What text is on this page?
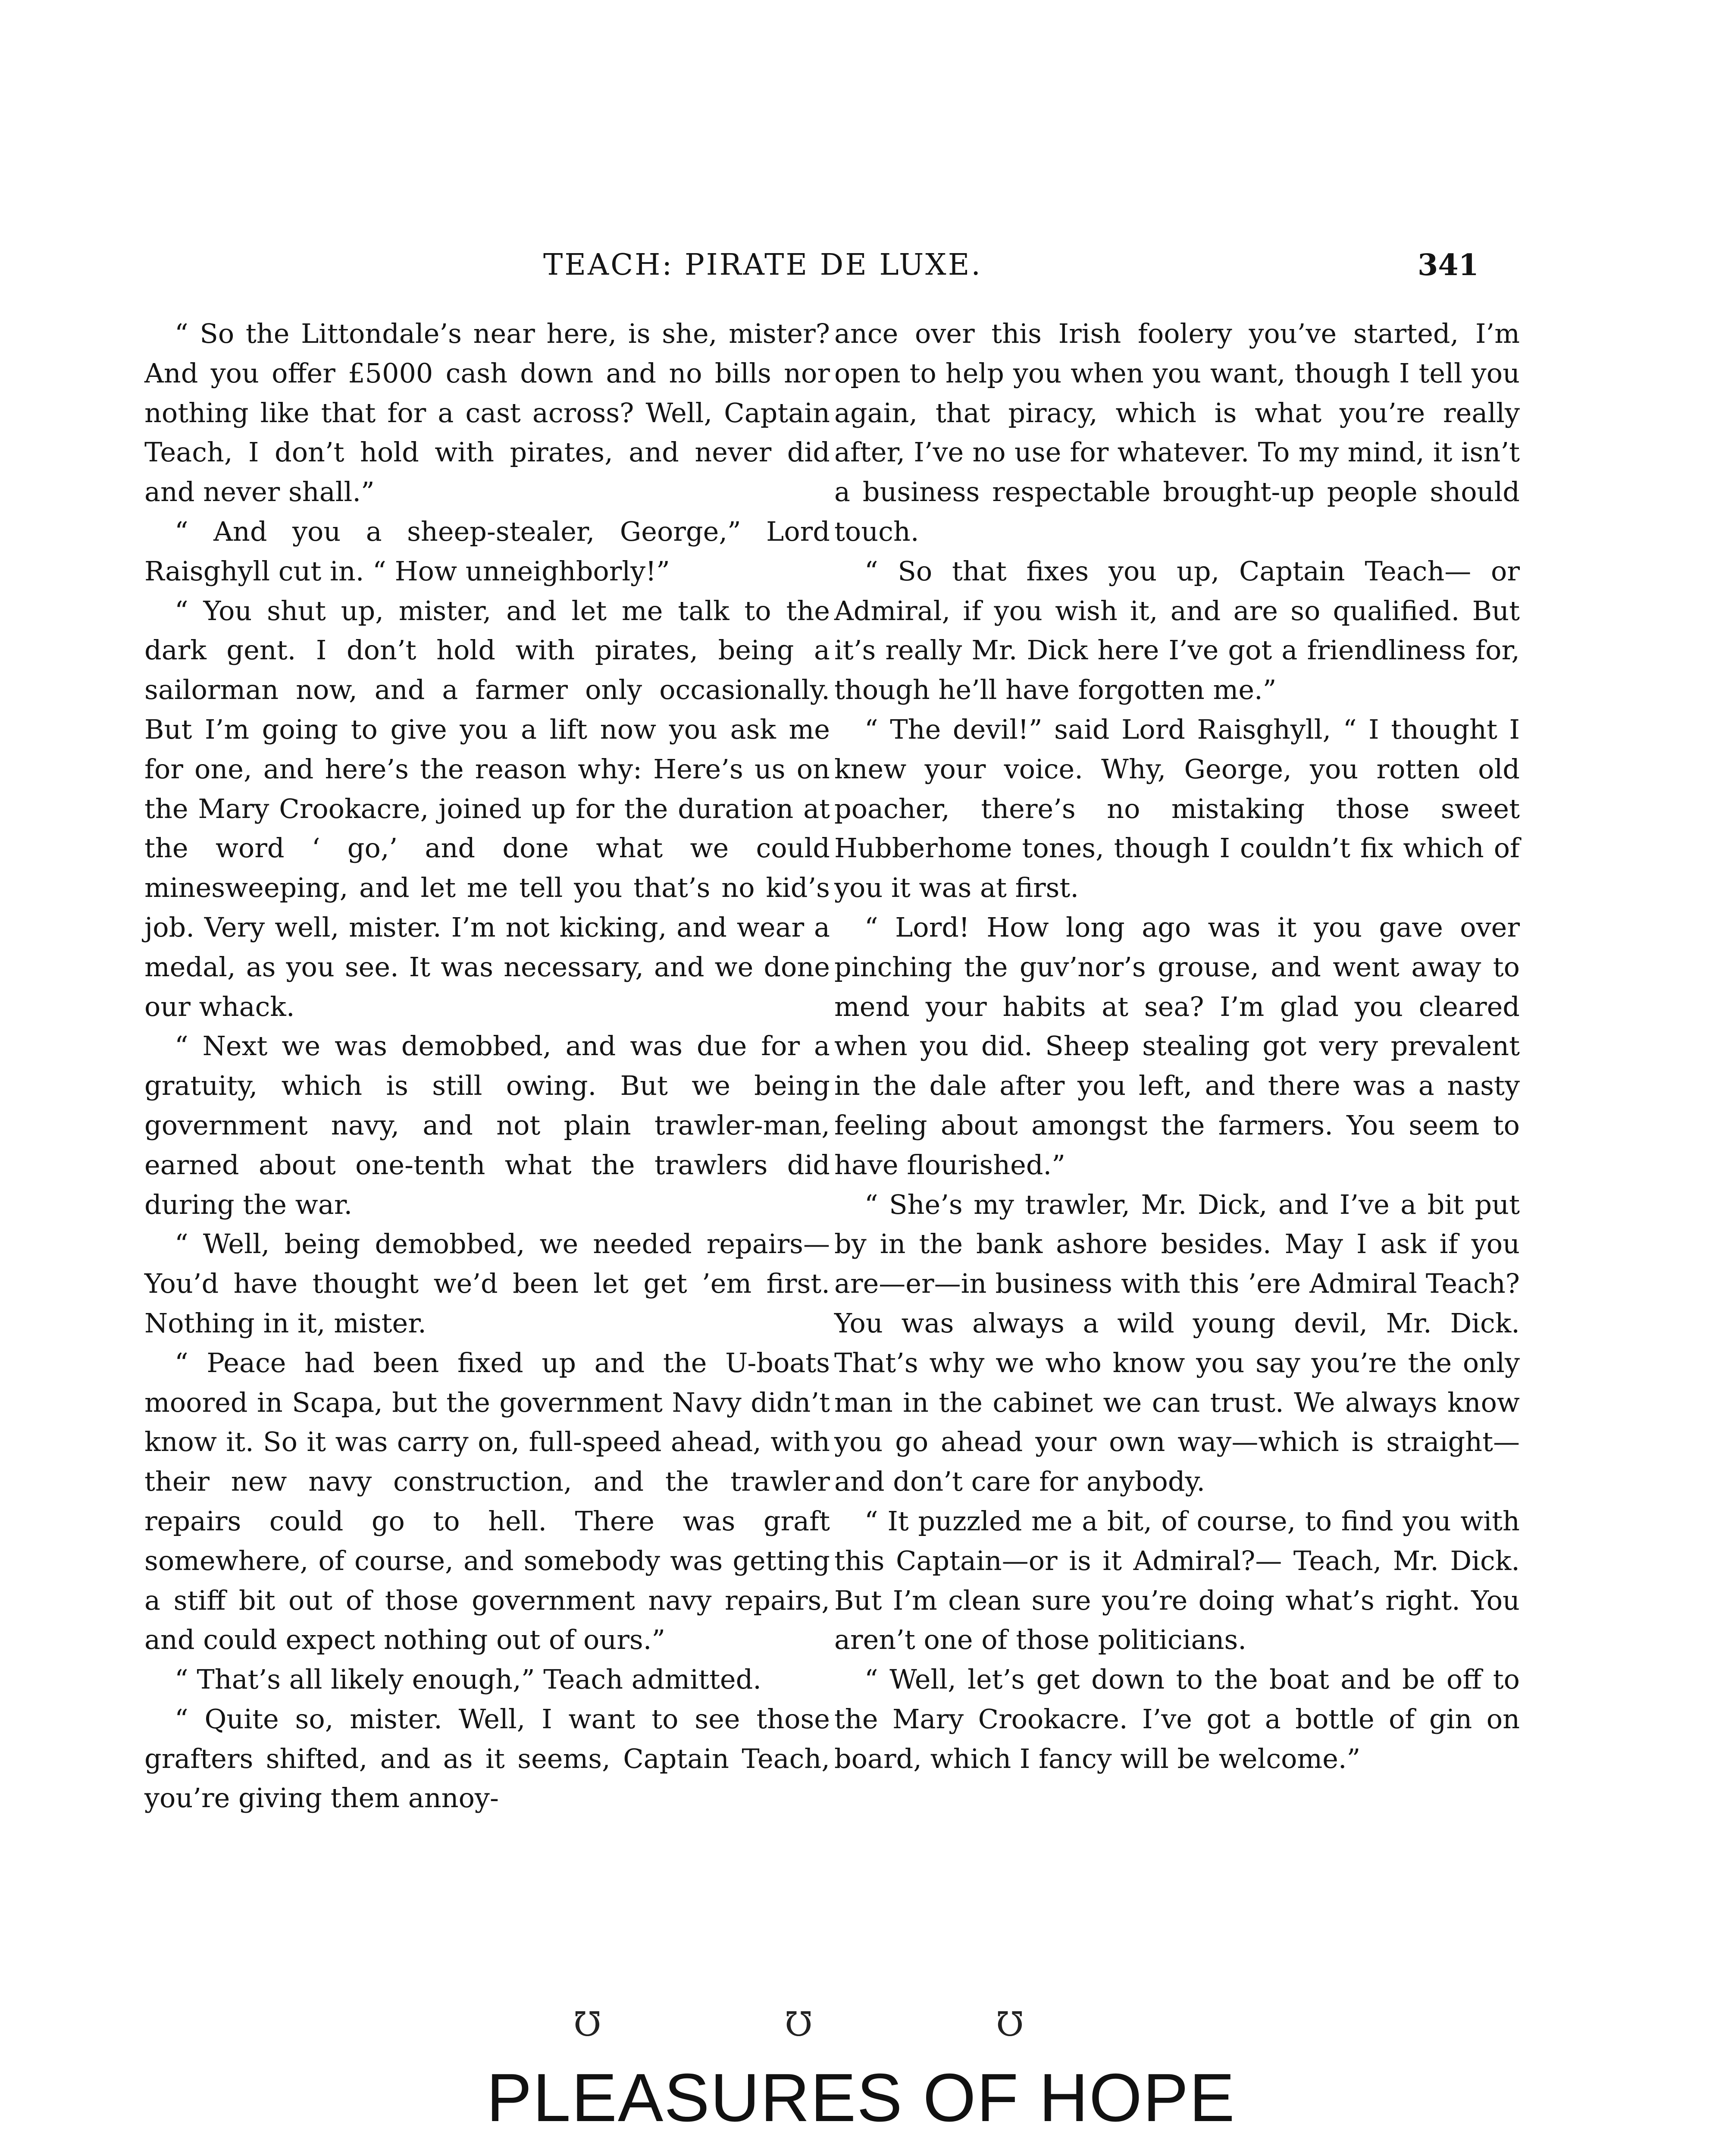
TEACH: PIRATE DE LUXE.	341

“ So the Littondale’s near here, is she, mister? And you offer £5000 cash down and no bills nor nothing like that for a cast across? Well, Captain Teach, I don’t hold with pirates, and never did and never shall.”

“ And you a sheep-stealer, George,” Lord Raisghyll cut in. “ How unneighborly!”

“ You shut up, mister, and let me talk to the dark gent. I don’t hold with pirates, being a sailorman now, and a farmer only occasionally. But I’m going to give you a lift now you ask me for one, and here’s the reason why: Here’s us on the Mary Crookacre, joined up for the duration at the word ‘ go,’ and done what we could minesweeping, and let me tell you that’s no kid’s job. Very well, mister. I’m not kicking, and wear a medal, as you see. It was necessary, and we done our whack.

“ Next we was demobbed, and was due for a gratuity, which is still owing. But we being government navy, and not plain trawler-man, earned about one-tenth what the trawlers did during the war.

“ Well, being demobbed, we needed repairs— You’d have thought we’d been let get ’em first. Nothing in it, mister.

“ Peace had been fixed up and the U-boats moored in Scapa, but the government Navy didn’t know it. So it was carry on, full-speed ahead, with their new navy construction, and the trawler repairs could go to hell. There was graft somewhere, of course, and somebody was getting a stiff bit out of those government navy repairs, and could expect nothing out of ours.”

“ That’s all likely enough,” Teach admitted.

“ Quite so, mister. Well, I want to see those grafters shifted, and as it seems, Captain Teach, you’re giving them annoy-

ance over this Irish foolery you’ve started, I’m open to help you when you want, though I tell you again, that piracy, which is what you’re really after, I’ve no use for whatever. To my mind, it isn’t a business respectable brought-up people should touch.

“ So that fixes you up, Captain Teach— or Admiral, if you wish it, and are so qualified. But it’s really Mr. Dick here I’ve got a friendliness for, though he’ll have forgotten me.”

“ The devil!” said Lord Raisghyll, “ I thought I knew your voice. Why, George, you rotten old poacher, there’s no mistaking those sweet Hubberhome tones, though I couldn’t fix which of you it was at first.

“ Lord! How long ago was it you gave over pinching the guv’nor’s grouse, and went away to mend your habits at sea? I’m glad you cleared when you did. Sheep stealing got very prevalent in the dale after you left, and there was a nasty feeling about amongst the farmers. You seem to have flourished.”

“ She’s my trawler, Mr. Dick, and I’ve a bit put by in the bank ashore besides. May I ask if you are—er—in business with this ’ere Admiral Teach? You was always a wild young devil, Mr. Dick. That’s why we who know you say you’re the only man in the cabinet we can trust. We always know you go ahead your own way—which is straight—and don’t care for anybody.

“ It puzzled me a bit, of course, to find you with this Captain—or is it Admiral?— Teach, Mr. Dick. But I’m clean sure you’re doing what’s right. You aren’t one of those politicians.

“ Well, let’s get down to the boat and be off to the Mary Crookacre. I’ve got a bottle of gin on board, which I fancy will be welcome.”

℧	℧	℧
PLEASURES OF HOPE
